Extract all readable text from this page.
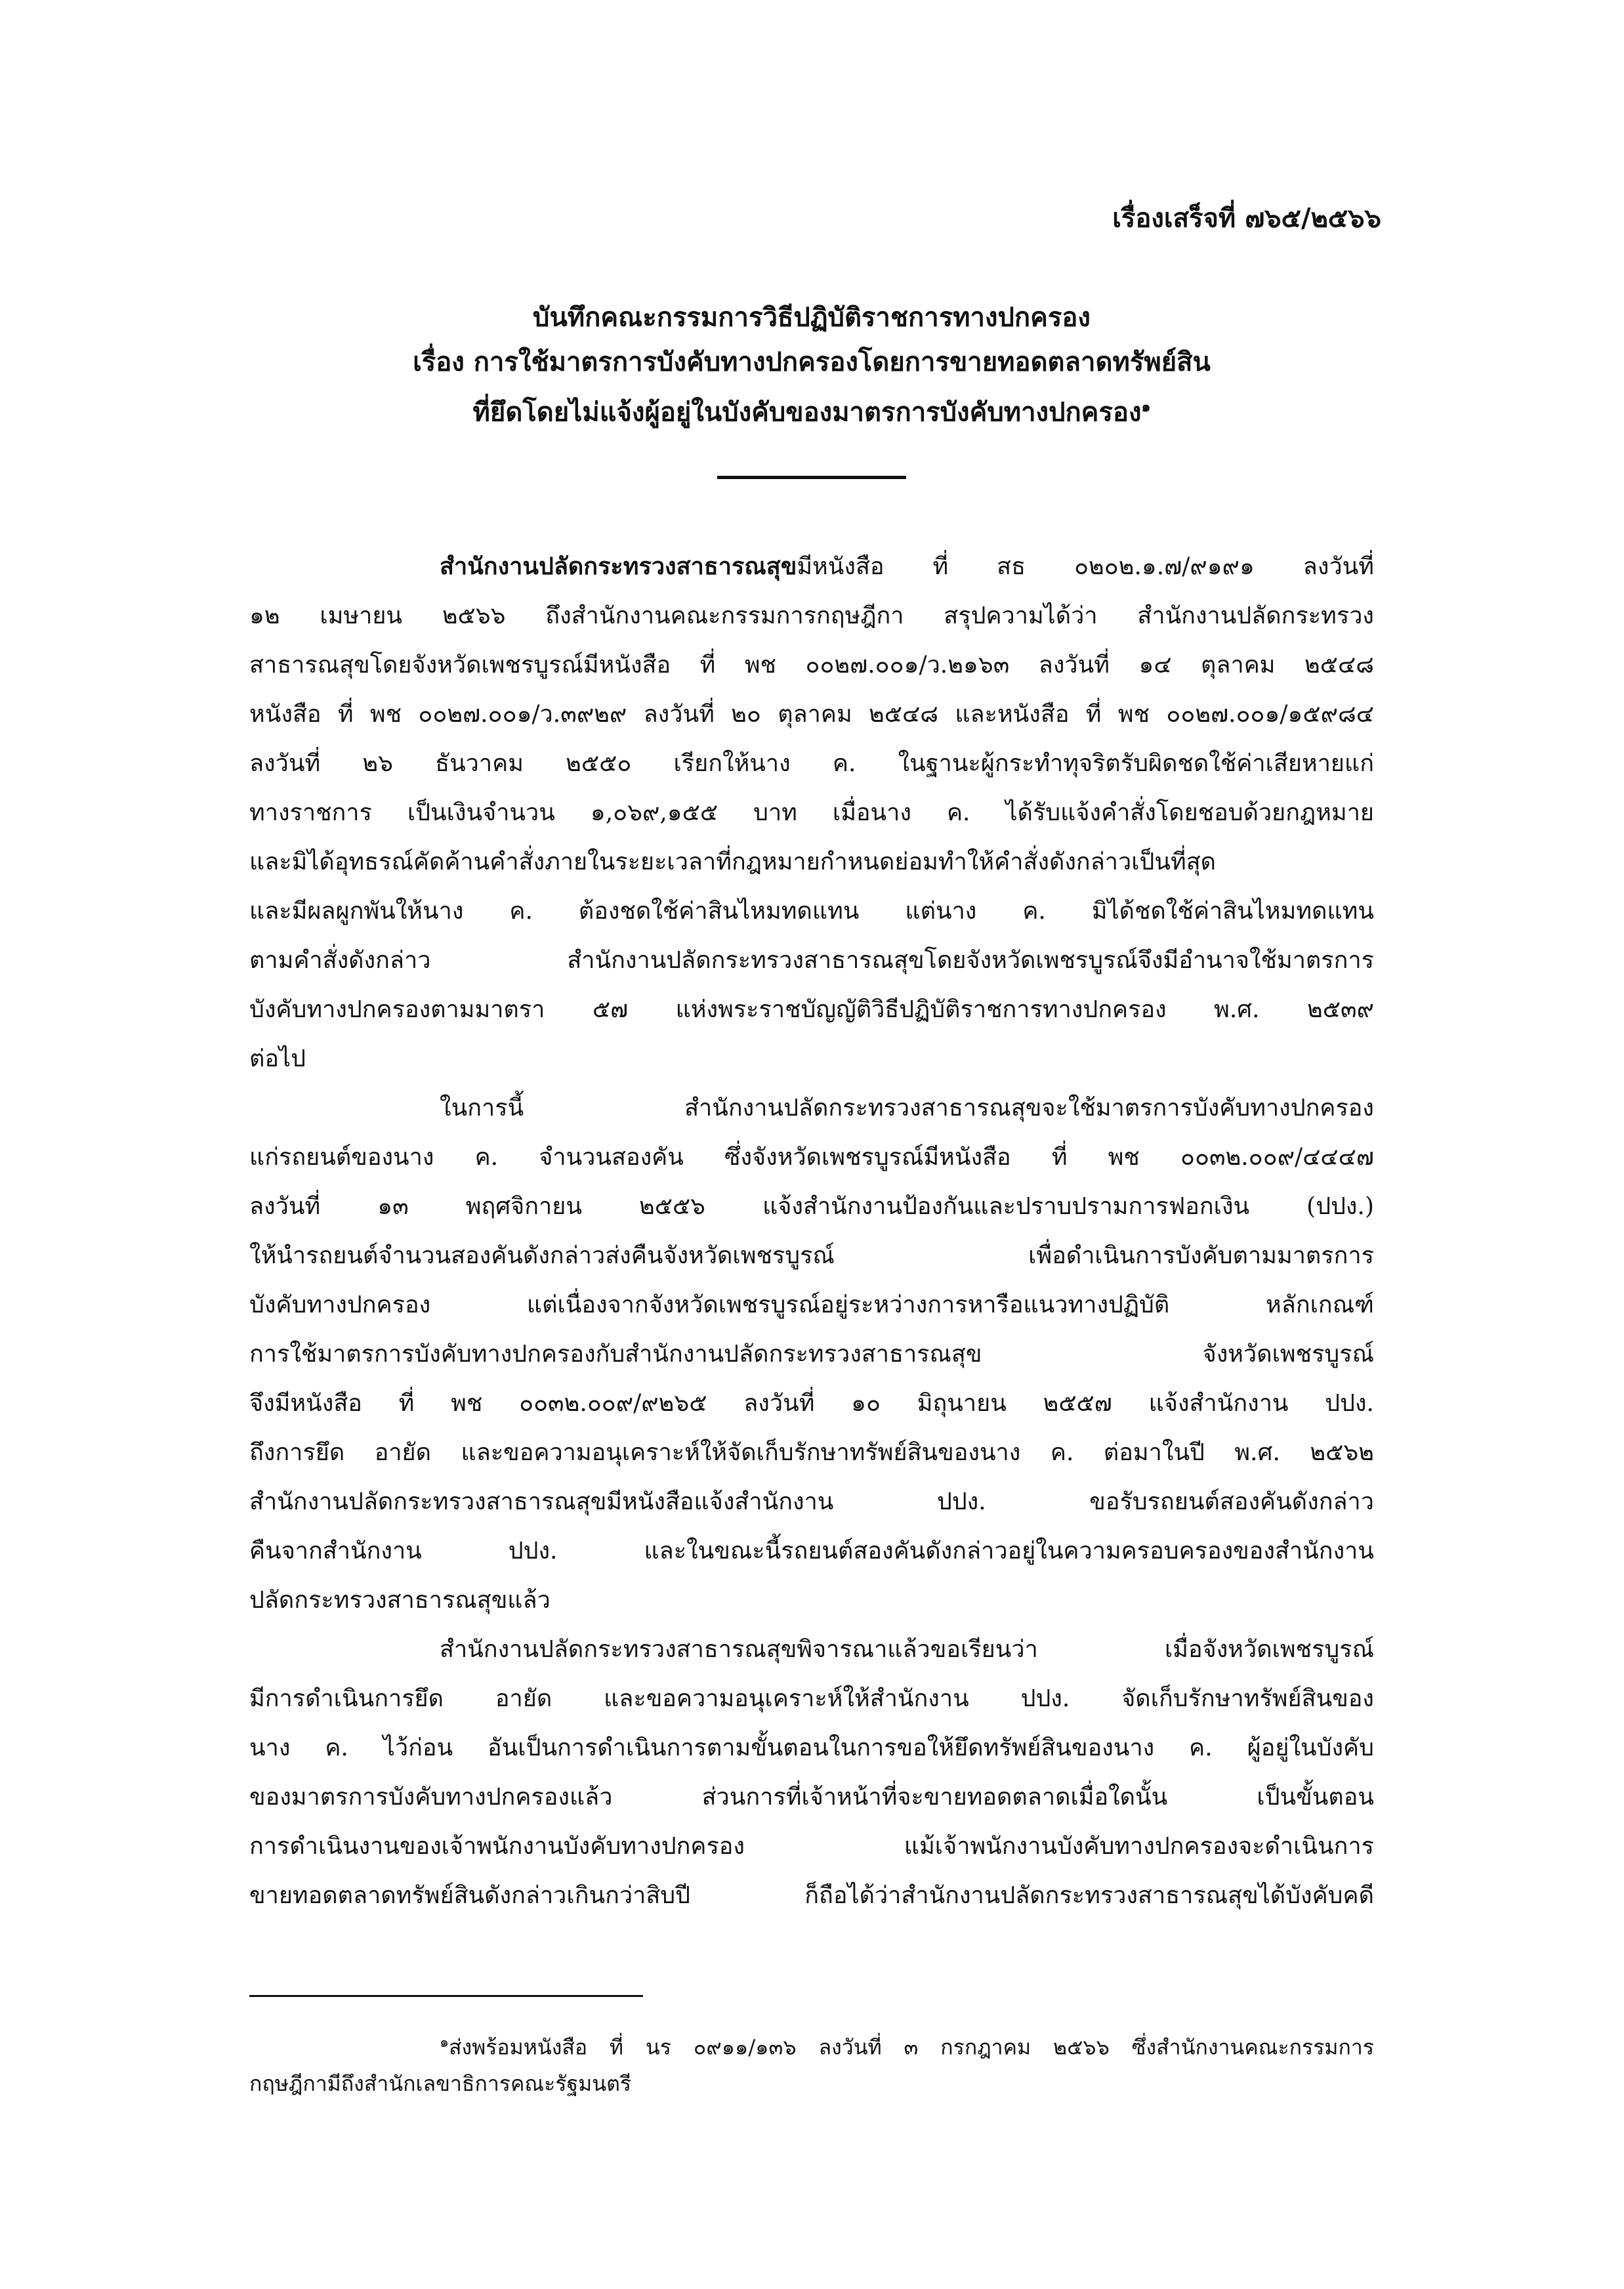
เรื่องเสร็จที่ ๗๖๕/๒๕๖๖
บันทึกคณะกรรมการวิธีปฏิบัติราชการทางปกครอง
เรื่อง การใช้มาตรการบังคับทางปกครองโดยการขายทอดตลาดทรัพย์สิน
ที่ยึดโดยไม่แจ้งผู้อยู่ในบังคับของมาตรการบังคับทางปกครอง$^๑$
สำนักงานปลัดกระทรวงสาธารณสุขมีหนังสือ ที่ สธ ๐๒๐๒.๑.๗/๙๑๙๑ ลงวันที่
๑๒ เมษายน ๒๕๖๖ ถึงสำนักงานคณะกรรมการกฤษฎีกา สรุปความได้ว่า สำนักงานปลัดกระทรวง
สาธารณสุขโดยจังหวัดเพชรบูรณ์มีหนังสือ ที่ พช ๐๐๒๗.๐๐๑/ว.๒๑๖๓ ลงวันที่ ๑๔ ตุลาคม ๒๕๔๘
หนังสือ ที่ พช ๐๐๒๗.๐๐๑/ว.๓๙๒๙ ลงวันที่ ๒๐ ตุลาคม ๒๕๔๘ และหนังสือ ที่ พช ๐๐๒๗.๐๐๑/๑๕๙๘๔
ลงวันที่ ๒๖ ธันวาคม ๒๕๕๐ เรียกให้นาง ค. ในฐานะผู้กระทำทุจริตรับผิดชดใช้ค่าเสียหายแก่
ทางราชการ เป็นเงินจำนวน ๑,๐๖๙,๑๕๕ บาท เมื่อนาง ค. ได้รับแจ้งคำสั่งโดยชอบด้วยกฎหมาย
และมิได้อุทธรณ์คัดค้านคำสั่งภายในระยะเวลาที่กฎหมายกำหนดย่อมทำให้คำสั่งดังกล่าวเป็นที่สุด
และมีผลผูกพันให้นาง ค. ต้องชดใช้ค่าสินไหมทดแทน แต่นาง ค. มิได้ชดใช้ค่าสินไหมทดแทน
ตามคำสั่งดังกล่าว สำนักงานปลัดกระทรวงสาธารณสุขโดยจังหวัดเพชรบูรณ์จึงมีอำนาจใช้มาตรการ
บังคับทางปกครองตามมาตรา ๕๗ แห่งพระราชบัญญัติวิธีปฏิบัติราชการทางปกครอง พ.ศ. ๒๕๓๙
ต่อไป
ในการนี้ สำนักงานปลัดกระทรวงสาธารณสุขจะใช้มาตรการบังคับทางปกครอง
แก่รถยนต์ของนาง ค. จำนวนสองคัน ซึ่งจังหวัดเพชรบูรณ์มีหนังสือ ที่ พช ๐๐๓๒.๐๐๙/๔๔๔๗
ลงวันที่ ๑๓ พฤศจิกายน ๒๕๕๖ แจ้งสำนักงานป้องกันและปราบปรามการฟอกเงิน (ปปง.)
ให้นำรถยนต์จำนวนสองคันดังกล่าวส่งคืนจังหวัดเพชรบูรณ์ เพื่อดำเนินการบังคับตามมาตรการ
บังคับทางปกครอง แต่เนื่องจากจังหวัดเพชรบูรณ์อยู่ระหว่างการหารือแนวทางปฏิบัติ หลักเกณฑ์
การใช้มาตรการบังคับทางปกครองกับสำนักงานปลัดกระทรวงสาธารณสุข จังหวัดเพชรบูรณ์
จึงมีหนังสือ ที่ พช ๐๐๓๒.๐๐๙/๙๒๖๕ ลงวันที่ ๑๐ มิถุนายน ๒๕๕๗ แจ้งสำนักงาน ปปง.
ถึงการยึด อายัด และขอความอนุเคราะห์ให้จัดเก็บรักษาทรัพย์สินของนาง ค. ต่อมาในปี พ.ศ. ๒๕๖๒
สำนักงานปลัดกระทรวงสาธารณสุขมีหนังสือแจ้งสำนักงาน ปปง. ขอรับรถยนต์สองคันดังกล่าว
คืนจากสำนักงาน ปปง. และในขณะนี้รถยนต์สองคันดังกล่าวอยู่ในความครอบครองของสำนักงาน
ปลัดกระทรวงสาธารณสุขแล้ว
สำนักงานปลัดกระทรวงสาธารณสุขพิจารณาแล้วขอเรียนว่า เมื่อจังหวัดเพชรบูรณ์
มีการดำเนินการยึด อายัด และขอความอนุเคราะห์ให้สำนักงาน ปปง. จัดเก็บรักษาทรัพย์สินของ
นาง ค. ไว้ก่อน อันเป็นการดำเนินการตามขั้นตอนในการขอให้ยึดทรัพย์สินของนาง ค. ผู้อยู่ในบังคับ
ของมาตรการบังคับทางปกครองแล้ว ส่วนการที่เจ้าหน้าที่จะขายทอดตลาดเมื่อใดนั้น เป็นขั้นตอน
การดำเนินงานของเจ้าพนักงานบังคับทางปกครอง แม้เจ้าพนักงานบังคับทางปกครองจะดำเนินการ
ขายทอดตลาดทรัพย์สินดังกล่าวเกินกว่าสิบปี ก็ถือได้ว่าสำนักงานปลัดกระทรวงสาธารณสุขได้บังคับคดี
$^๑$ส่งพร้อมหนังสือ ที่ นร ๐๙๑๑/๑๓๖ ลงวันที่ ๓ กรกฎาคม ๒๕๖๖ ซึ่งสำนักงานคณะกรรมการ
กฤษฎีกามีถึงสำนักเลขาธิการคณะรัฐมนตรี
